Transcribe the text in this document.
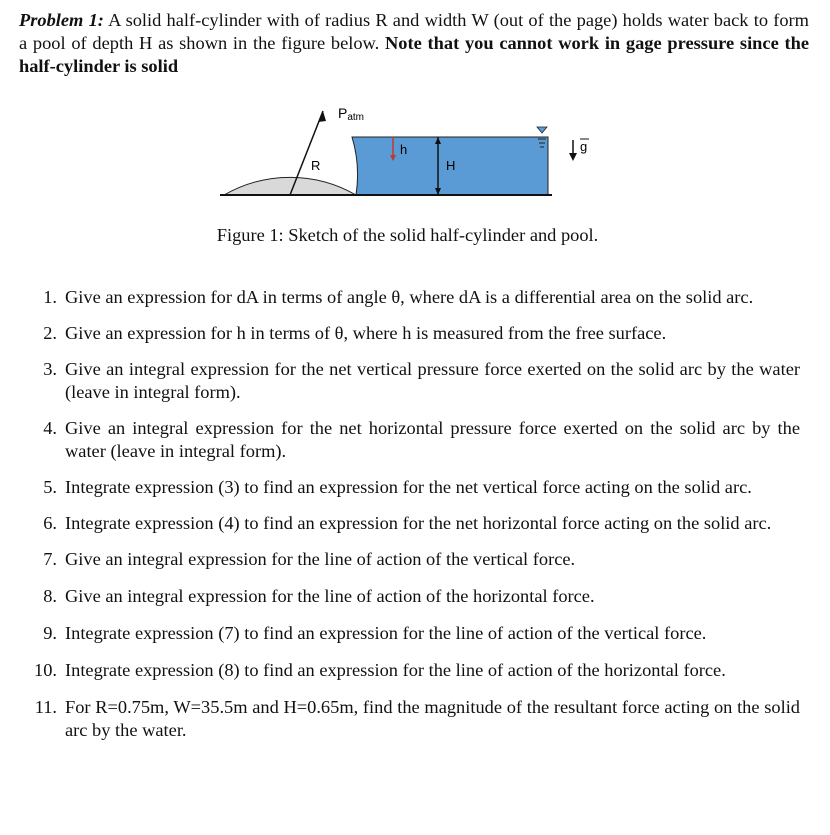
Problem 1: A solid half-cylinder with of radius R and width W (out of the page) holds water back to form a pool of depth H as shown in the figure below. Note that you cannot work in gage pressure since the half-cylinder is solid
R
Patm
h
H
g
Figure 1: Sketch of the solid half-cylinder and pool.
1. Give an expression for dA in terms of angle θ, where dA is a differential area on the solid arc.
2. Give an expression for h in terms of θ, where h is measured from the free surface.
3. Give an integral expression for the net vertical pressure force exerted on the solid arc by the water (leave in integral form).
4. Give an integral expression for the net horizontal pressure force exerted on the solid arc by the water (leave in integral form).
5. Integrate expression (3) to find an expression for the net vertical force acting on the solid arc.
6. Integrate expression (4) to find an expression for the net horizontal force acting on the solid arc.
7. Give an integral expression for the line of action of the vertical force.
8. Give an integral expression for the line of action of the horizontal force.
9. Integrate expression (7) to find an expression for the line of action of the vertical force.
10. Integrate expression (8) to find an expression for the line of action of the horizontal force.
11. For R=0.75m, W=35.5m and H=0.65m, find the magnitude of the resultant force acting on the solid arc by the water.
